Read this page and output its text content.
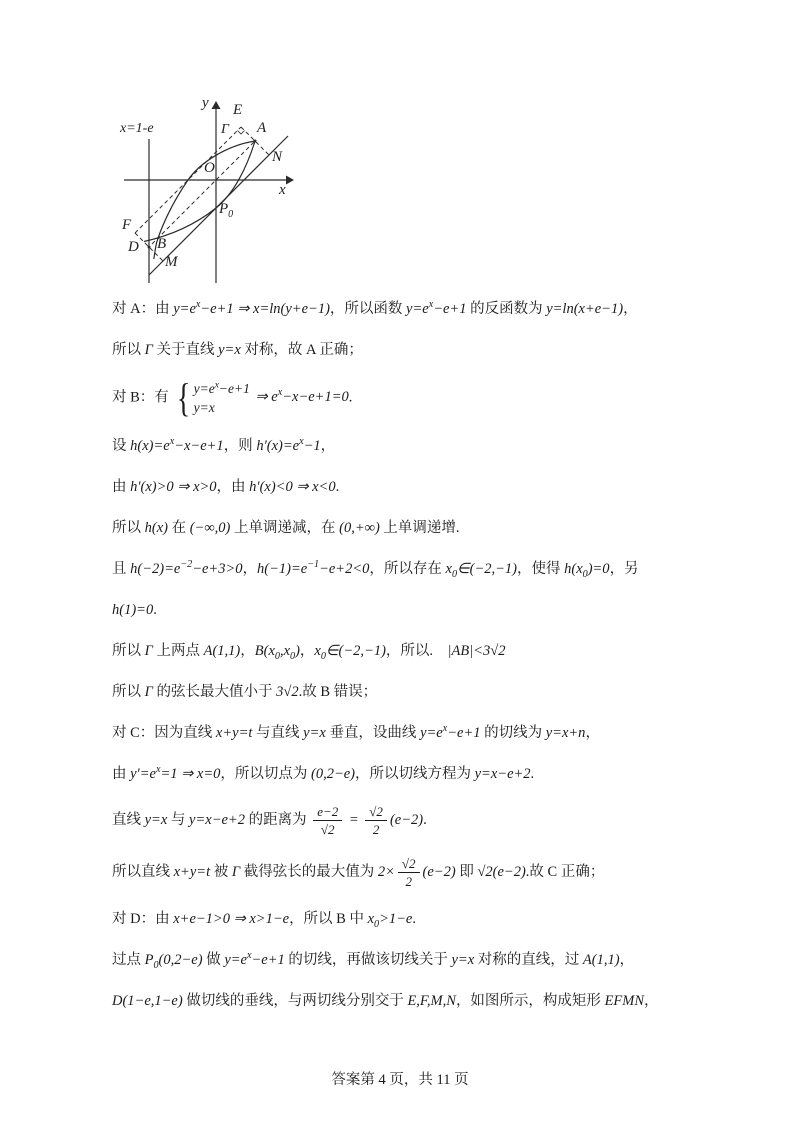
y
x
O
E
A
N
F
D B
M
$P_0$
Γ
x=1-e

对 A：由 $y=e^x-e+1$ ⇒ x=ln(y+e−1)，所以函数 $y=e^x-e+1$ 的反函数为 y=ln(x+e−1)，

所以 Γ 关于直线 y=x 对称，故 A 正确；

对 B：有 { $y=e^x-e+1$
y=x
⇒ $e^x-x-e+1=0$.

设 $h(x)=e^x-x-e+1$，则 $h'(x)=e^x-1$，

由 h′(x)>0 ⇒ x>0，由 h′(x)<0 ⇒ x<0.

所以 h(x) 在 (−∞,0) 上单调递减，在 (0,+∞) 上单调递增.

且 $h(-2)=e^{-2}-e+3>0$，$h(-1)=e^{-1}-e+2<0$，所以存在 $x_0\in(-2,-1)$，使得 $h(x_0)=0$，另

h(1)=0.

所以 Γ 上两点 A(1,1)，$B(x_0,x_0)$，$x_0\in(-2,-1)$，所以.　|AB|<3√2

所以 Γ 的弦长最大值小于 3√2.故 B 错误；

对 C：因为直线 x+y=t 与直线 y=x 垂直，设曲线 $y=e^x-e+1$ 的切线为 y=x+n，

由 $y'=e^x=1$ ⇒ x=0，所以切点为 (0,2−e)，所以切线方程为 y=x−e+2.

直线 y=x 与 y=x−e+2 的距离为 $\frac{e-2}{√2} = \frac{√2}{2} (e-2)$.

所以直线 x+y=t 被 Γ 截得弦长的最大值为 $2\times \frac{√2}{2} (e-2)$ 即 √2(e−2).故 C 正确；

对 D：由 x+e−1>0 ⇒ x>1−e，所以 B 中 $x_0>1-e$.

过点 $P_0(0,2-e)$ 做 $y=e^x-e+1$ 的切线，再做该切线关于 y=x 对称的直线，过 A(1,1)，

D(1−e,1−e) 做切线的垂线，与两切线分别交于 E,F,M,N，如图所示，构成矩形 EFMN，

答案第 4 页，共 11 页
